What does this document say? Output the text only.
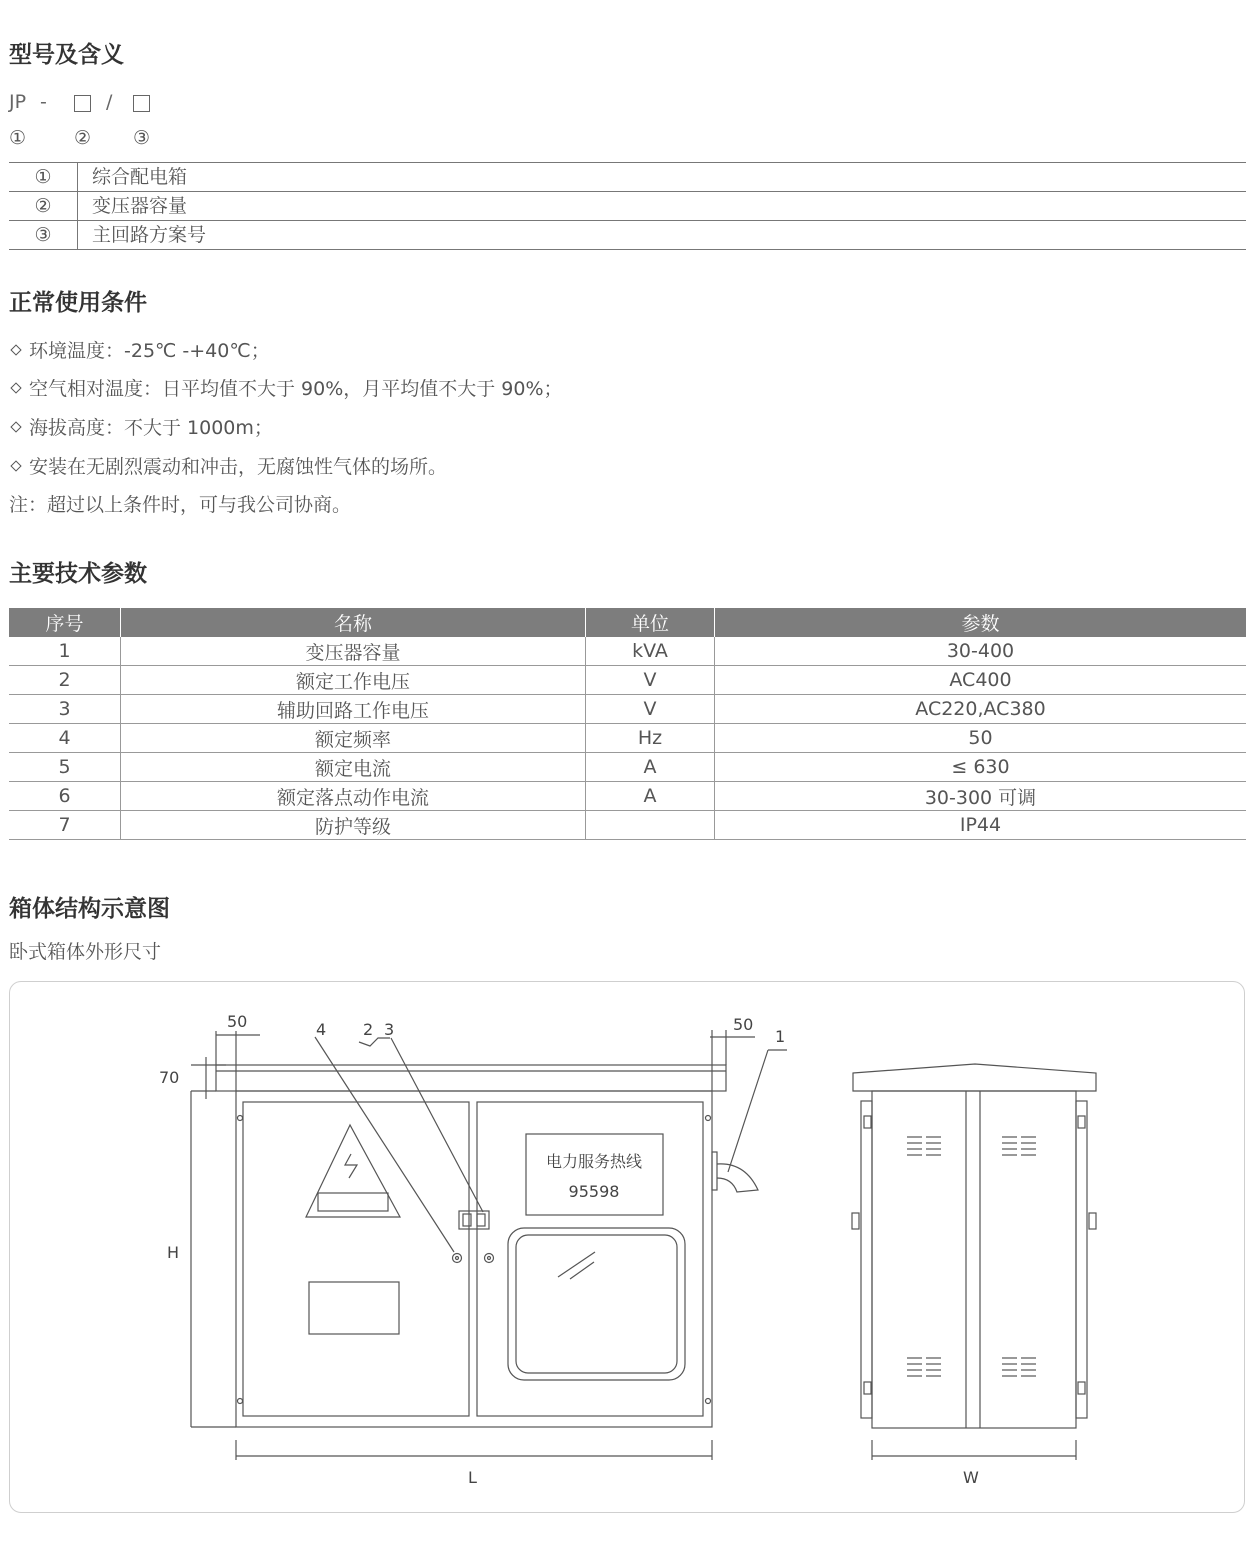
型号及含义
JP -	/
①	② ③
①	综合配电箱
②	变压器容量
③	主回路方案号
正常使用条件
环境温度：-25℃ -+40℃；
空气相对温度：日平均值不大于 90%，月平均值不大于 90%；
海拔高度：不大于 1000m；
安装在无剧烈震动和冲击，无腐蚀性气体的场所。
注：超过以上条件时，可与我公司协商。
主要技术参数
序号	名称	单位	参数
1	变压器容量	kVA	30-400
2	额定工作电压	V	AC400
3	辅助回路工作电压	V	AC220,AC380
4	额定频率	Hz	50
5	额定电流	A	≤ 630
6	额定落点动作电流	A	30-300 可调
7	防护等级		IP44
箱体结构示意图
卧式箱体外形尺寸
50	50
70
H
L	W
1
2 3
4
电力服务热线
95598
